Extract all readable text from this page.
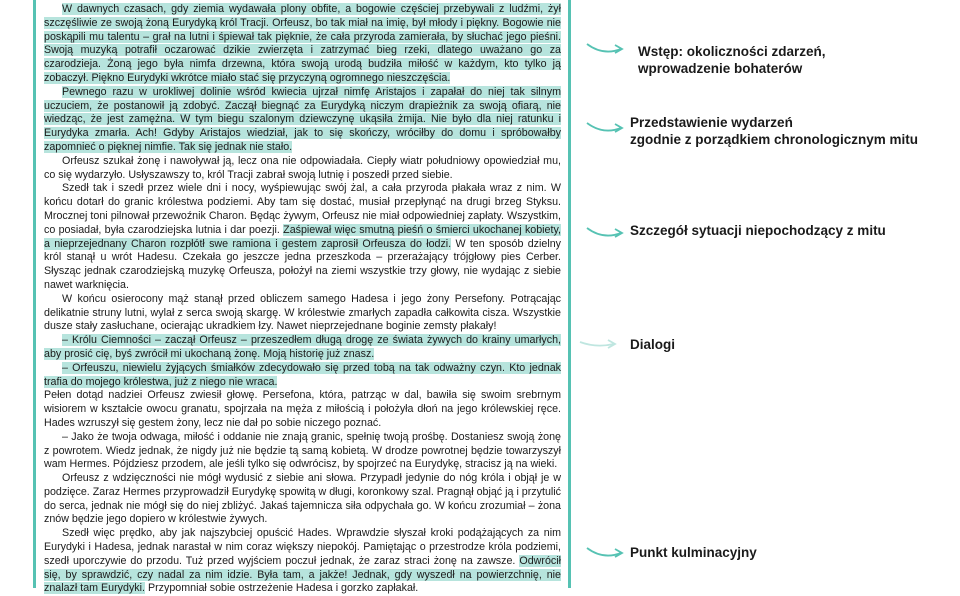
W dawnych czasach, gdy ziemia wydawała plony obfite, a bogowie częściej przebywali z ludźmi, żył szczęśliwie ze swoją żoną Eurydyką król Tracji. Orfeusz, bo tak miał na imię, był młody i piękny. Bogowie nie poskąpili mu talentu – grał na lutni i śpiewał tak pięknie, że cała przyroda zamierała, by słuchać jego pieśni. Swoją muzyką potrafił oczarować dzikie zwierzęta i zatrzymać bieg rzeki, dlatego uważano go za czarodzieja. Żoną jego była nimfa drzewna, która swoją urodą budziła miłość w każdym, kto tylko ją zobaczył. Piękno Eurydyki wkrótce miało stać się przyczyną ogromnego nieszczęścia.

Pewnego razu w urokliwej dolinie wśród kwiecia ujrzał nimfę Aristajos i zapałał do niej tak silnym uczuciem, że postanowił ją zdobyć. Zaczął biegnąć za Eurydyką niczym drapieżnik za swoją ofiarą, nie wiedząc, że jest zamężna. W tym biegu szalonym dziewczynę ukąsiła żmija. Nie było dla niej ratunku i Eurydyka zmarła. Ach! Gdyby Aristajos wiedział, jak to się skończy, wróciłby do domu i spróbowałby zapomnieć o pięknej nimfie. Tak się jednak nie stało.

Orfeusz szukał żonę i nawoływał ją, lecz ona nie odpowiadała. Ciepły wiatr południowy opowiedział mu, co się wydarzyło. Usłyszawszy to, król Tracji zabrał swoją lutnię i poszedł przed siebie.

Szedł tak i szedł przez wiele dni i nocy, wyśpiewując swój żal, a cała przyroda płakała wraz z nim. W końcu dotarł do granic królestwa podziemi. Aby tam się dostać, musiał przepłynąć na drugi brzeg Styksu. Mrocznej toni pilnował przewoźnik Charon. Będąc żywym, Orfeusz nie miał odpowiedniej zapłaty. Wszystkim, co posiadał, była czarodziejska lutnia i dar poezji. Zaśpiewał więc smutną pieśń o śmierci ukochanej kobiety, a nieprzejednany Charon rozpłótł swe ramiona i gestem zaprosił Orfeusza do łodzi. W ten sposób dzielny król stanął u wrót Hadesu. Czekała go jeszcze jedna przeszkoda – przerażający trójgłowy pies Cerber. Słysząc jednak czarodziejską muzykę Orfeusza, położył na ziemi wszystkie trzy głowy, nie wydając z siebie nawet warknięcia.

W końcu osierocony mąż stanął przed obliczem samego Hadesa i jego żony Persefony. Potrącając delikatnie struny lutni, wylał z serca swoją skargę. W królestwie zmarłych zapadła całkowita cisza. Wszystkie dusze stały zasłuchane, ocierając ukradkiem łzy. Nawet nieprzejednane boginie zemsty płakały!

– Królu Ciemności – zaczął Orfeusz – przeszedłem długą drogę ze świata żywych do krainy umarłych, aby prosić cię, byś zwrócił mi ukochaną żonę. Moją historię już znasz.

– Orfeuszu, niewielu żyjących śmiałków zdecydowało się przed tobą na tak odważny czyn. Kto jednak trafia do mojego królestwa, już z niego nie wraca.

Pełen dotąd nadziei Orfeusz zwiesił głowę. Persefona, która, patrząc w dal, bawiła się swoim srebrnym wisiorem w kształcie owocu granatu, spojrzała na męża z miłością i położyła dłoń na jego królewskiej ręce. Hades wzruszył się gestem żony, lecz nie dał po sobie niczego poznać.

– Jako że twoja odwaga, miłość i oddanie nie znają granic, spełnię twoją prośbę. Dostaniesz swoją żonę z powrotem. Wiedz jednak, że nigdy już nie będzie tą samą kobietą. W drodze powrotnej będzie towarzyszył wam Hermes. Pójdziesz przodem, ale jeśli tylko się odwrócisz, by spojrzeć na Eurydykę, stracisz ją na wieki.

Orfeusz z wdzięczności nie mógł wydusić z siebie ani słowa. Przypadł jedynie do nóg króla i objął je w podzięce. Zaraz Hermes przyprowadził Eurydykę spowitą w długi, koronkowy szal. Pragnął objąć ją i przytulić do serca, jednak nie mógł się do niej zbliżyć. Jakaś tajemnicza siła odpychała go. W końcu zrozumiał – żona znów będzie jego dopiero w królestwie żywych.

Szedł więc prędko, aby jak najszybciej opuścić Hades. Wprawdzie słyszał kroki podążających za nim Eurydyki i Hadesa, jednak narastał w nim coraz większy niepokój. Pamiętając o przestrodze króla podziemi, szedł uporczywie do przodu. Tuż przed wyjściem poczuł jednak, że zaraz straci żonę na zawsze. Odwrócił się, by sprawdzić, czy nadal za nim idzie. Była tam, a jakże! Jednak, gdy wyszedł na powierzchnię, nie znalazł tam Eurydyki. Przypomniał sobie ostrzeżenie Hadesa i gorzko zapłakał.

Wstęp: okoliczności zdarzeń,
wprowadzenie bohaterów
Przedstawienie wydarzeń
zgodnie z porządkiem chronologicznym mitu
Szczegół sytuacji niepochodzący z mitu
Dialogi
Punkt kulminacyjny
